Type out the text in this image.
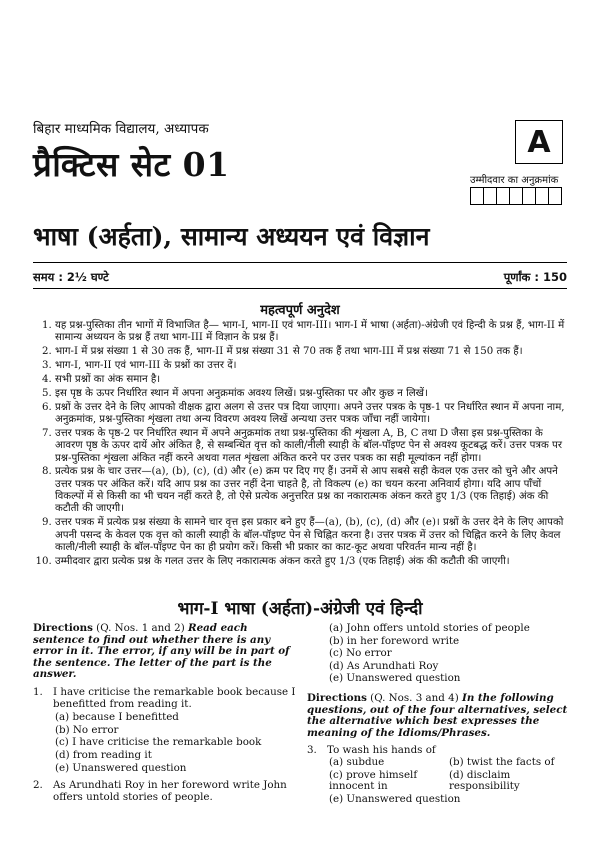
बिहार माध्यमिक विद्यालय, अध्यापक
प्रैक्टिस सेट 01
A
उम्मीदवार का अनुक्रमांक
भाषा (अर्हता), सामान्य अध्ययन एवं विज्ञान
समय : 2½ घण्टे	पूर्णांक : 150
महत्वपूर्ण अनुदेश
1. यह प्रश्न-पुस्तिका तीन भागों में विभाजित है— भाग-I, भाग-II एवं भाग-III। भाग-I में भाषा (अर्हता)-अंग्रेजी एवं हिन्दी के प्रश्न हैं, भाग-II में सामान्य अध्ययन के प्रश्न हैं तथा भाग-III में विज्ञान के प्रश्न हैं।
2. भाग-I में प्रश्न संख्या 1 से 30 तक हैं, भाग-II में प्रश्न संख्या 31 से 70 तक हैं तथा भाग-III में प्रश्न संख्या 71 से 150 तक हैं।
3. भाग-I, भाग-II एवं भाग-III के प्रश्नों का उत्तर दें।
4. सभी प्रश्नों का अंक समान है।
5. इस पृष्ठ के ऊपर निर्धारित स्थान में अपना अनुक्रमांक अवश्य लिखें। प्रश्न-पुस्तिका पर और कुछ न लिखें।
6. प्रश्नों के उत्तर देने के लिए आपको वीक्षक द्वारा अलग से उत्तर पत्र दिया जाएगा। अपने उत्तर पत्रक के पृष्ठ-1 पर निर्धारित स्थान में अपना नाम, अनुक्रमांक, प्रश्न-पुस्तिका शृंखला तथा अन्य विवरण अवश्य लिखें अन्यथा उत्तर पत्रक जाँचा नहीं जायेगा।
7. उत्तर पत्रक के पृष्ठ-2 पर निर्धारित स्थान में अपने अनुक्रमांक तथा प्रश्न-पुस्तिका की शृंखला A, B, C तथा D जैसा इस प्रश्न-पुस्तिका के आवरण पृष्ठ के ऊपर दायें ओर अंकित है, से सम्बन्धित वृत्त को काली/नीली स्याही के बॉल-पॉइण्ट पेन से अवश्य कूटबद्ध करें। उत्तर पत्रक पर प्रश्न-पुस्तिका शृंखला अंकित नहीं करने अथवा गलत शृंखला अंकित करने पर उत्तर पत्रक का सही मूल्यांकन नहीं होगा।
8. प्रत्येक प्रश्न के चार उत्तर—(a), (b), (c), (d) और (e) क्रम पर दिए गए हैं। उनमें से आप सबसे सही केवल एक उत्तर को चुने और अपने उत्तर पत्रक पर अंकित करें। यदि आप प्रश्न का उत्तर नहीं देना चाहते है, तो विकल्प (e) का चयन करना अनिवार्य होगा। यदि आप पाँचों विकल्पों में से किसी का भी चयन नहीं करते है, तो ऐसे प्रत्येक अनुत्तरित प्रश्न का नकारात्मक अंकन करते हुए 1/3 (एक तिहाई) अंक की कटौती की जाएगी।
9. उत्तर पत्रक में प्रत्येक प्रश्न संख्या के सामने चार वृत्त इस प्रकार बने हुए हैं—(a), (b), (c), (d) और (e)। प्रश्नों के उत्तर देने के लिए आपको अपनी पसन्द के केवल एक वृत्त को काली स्याही के बॉल-पॉइण्ट पेन से चिह्नित करना है। उत्तर पत्रक में उत्तर को चिह्नित करने के लिए केवल काली/नीली स्याही के बॉल-पॉइण्ट पेन का ही प्रयोग करें। किसी भी प्रकार का काट-कूट अथवा परिवर्तन मान्य नहीं है।
10. उम्मीदवार द्वारा प्रत्येक प्रश्न के गलत उत्तर के लिए नकारात्मक अंकन करते हुए 1/3 (एक तिहाई) अंक की कटौती की जाएगी।
भाग-I भाषा (अर्हता)-अंग्रेजी एवं हिन्दी
Directions (Q. Nos. 1 and 2) Read each sentence to find out whether there is any error in it. The error, if any will be in part of the sentence. The letter of the part is the answer.
1. I have criticise the remarkable book because I benefitted from reading it.
(a) because I benefitted
(b) No error
(c) I have criticise the remarkable book
(d) from reading it
(e) Unanswered question
2. As Arundhati Roy in her foreword write John offers untold stories of people.
(a) John offers untold stories of people
(b) in her foreword write
(c) No error
(d) As Arundhati Roy
(e) Unanswered question
Directions (Q. Nos. 3 and 4) In the following questions, out of the four alternatives, select the alternative which best expresses the meaning of the Idioms/Phrases.
3. To wash his hands of
(a) subdue	(b) twist the facts of
(c) prove himself innocent in
(d) disclaim responsibility
(e) Unanswered question
